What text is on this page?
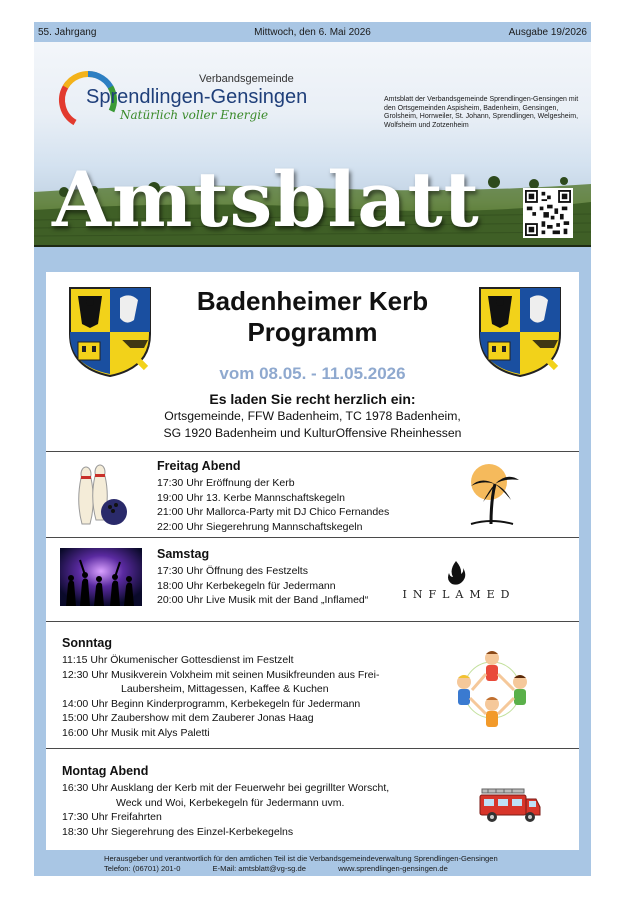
55. Jahrgang	Mittwoch, den 6. Mai 2026	Ausgabe 19/2026
Verbandsgemeinde
Sprendlingen-Gensingen
Natürlich voller Energie
Amtsblatt der Verbandsgemeinde Sprendlingen-Gensingen mit den Ortsgemeinden Aspisheim, Badenheim, Gensingen, Grolsheim, Horrweiler, St. Johann, Sprendlingen, Welgesheim, Wolfsheim und Zotzenheim
Amtsblatt
Badenheimer Kerb
Programm
vom 08.05. - 11.05.2026
Es laden Sie recht herzlich ein:
Ortsgemeinde, FFW Badenheim, TC 1978 Badenheim,
SG 1920 Badenheim und KulturOffensive Rheinhessen
Freitag Abend
17:30 Uhr Eröffnung der Kerb
19:00 Uhr 13. Kerbe Mannschaftskegeln
21:00 Uhr Mallorca-Party mit DJ Chico Fernandes
22:00 Uhr Siegerehrung Mannschaftskegeln
Samstag
17:30 Uhr Öffnung des Festzelts
18:00 Uhr Kerbekegeln für Jedermann
20:00 Uhr Live Musik mit der Band „Inflamed“	INFLAMED
Sonntag
11:15 Uhr Ökumenischer Gottesdienst im Festzelt
12:30 Uhr Musikverein Volxheim mit seinen Musikfreunden aus Frei-
Laubersheim, Mittagessen, Kaffee & Kuchen
14:00 Uhr Beginn Kinderprogramm, Kerbekegeln für Jedermann
15:00 Uhr Zaubershow mit dem Zauberer Jonas Haag
16:00 Uhr Musik mit Alys Paletti
Montag Abend
16:30 Uhr Ausklang der Kerb mit der Feuerwehr bei gegrillter Worscht,
Weck und Woi, Kerbekegeln für Jedermann uvm.
17:30 Uhr Freifahrten
18:30 Uhr Siegerehrung des Einzel-Kerbekegelns
Herausgeber und verantwortlich für den amtlichen Teil ist die Verbandsgemeindeverwaltung Sprendlingen-Gensingen
Telefon: (06701) 201-0	E-Mail: amtsblatt@vg-sg.de	www.sprendlingen-gensingen.de
